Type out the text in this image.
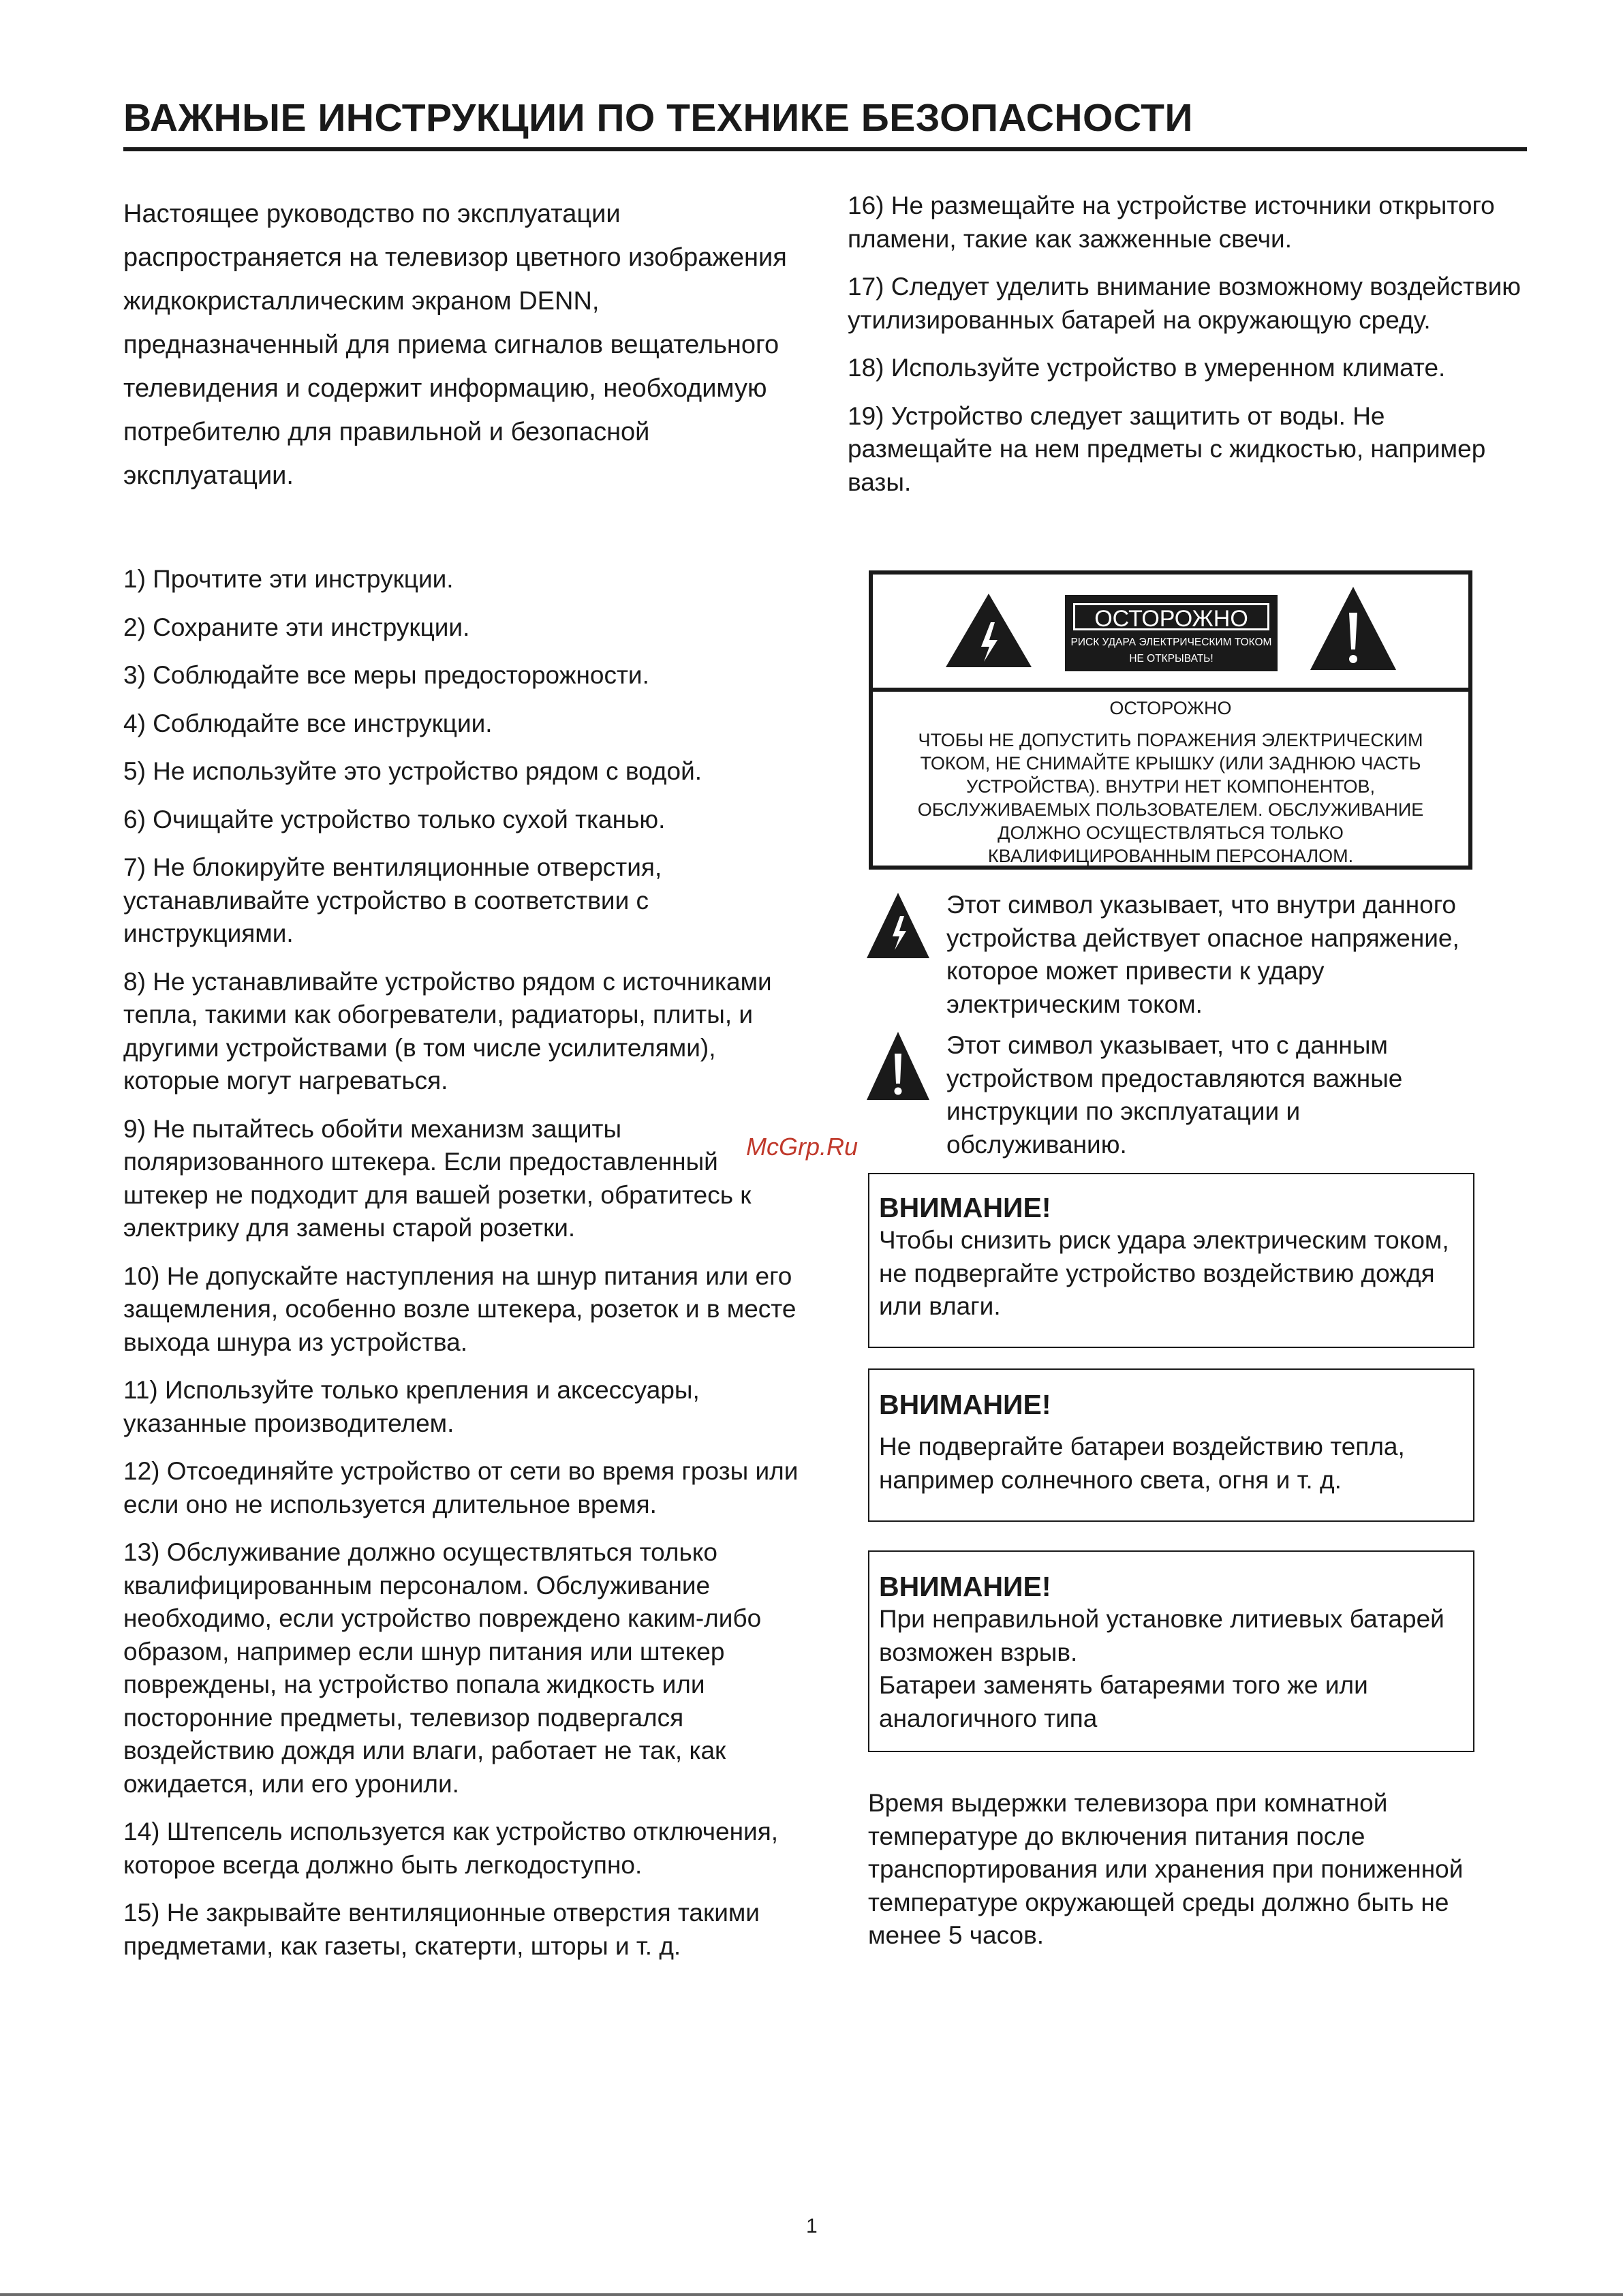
ВАЖНЫЕ ИНСТРУКЦИИ ПО ТЕХНИКЕ БЕЗОПАСНОСТИ

Настоящее руководство по эксплуатации распространяется на телевизор цветного изображения жидкокристаллическим экраном DENN, предназначенный для приема сигналов вещательного телевидения и содержит информацию, необходимую потребителю для правильной и безопасной эксплуатации.

1) Прочтите эти инструкции.

2) Сохраните эти инструкции.

3) Соблюдайте все меры предосторожности.

4) Соблюдайте все инструкции.

5) Не используйте это устройство рядом с водой.

6) Очищайте устройство только сухой тканью.

7) Не блокируйте вентиляционные отверстия, устанавливайте устройство в соответствии с инструкциями.

8) Не устанавливайте устройство рядом с источниками тепла, такими как обогреватели, радиаторы, плиты, и другими устройствами (в том числе усилителями), которые могут нагреваться.

9) Не пытайтесь обойти механизм защиты поляризованного штекера. Если предоставленный штекер не подходит для вашей розетки, обратитесь к электрику для замены старой розетки.

10) Не допускайте наступления на шнур питания или его защемления, особенно возле штекера, розеток и в месте выхода шнура из устройства.

11) Используйте только крепления и аксессуары, указанные производителем.

12) Отсоединяйте устройство от сети во время грозы или если оно не используется длительное время.

13) Обслуживание должно осуществляться только квалифицированным персоналом. Обслуживание необходимо, если устройство повреждено каким-либо образом, например если шнур питания или штекер повреждены, на устройство попала жидкость или посторонние предметы, телевизор подвергался воздействию дождя или влаги, работает не так, как ожидается, или его уронили.

14) Штепсель используется как устройство отключения, которое всегда должно быть легкодоступно.

15) Не закрывайте вентиляционные отверстия такими предметами, как газеты, скатерти, шторы и т. д.

16) Не размещайте на устройстве источники открытого пламени, такие как зажженные свечи.

17) Следует уделить внимание возможному воздействию утилизированных батарей на окружающую среду.

18) Используйте устройство в умеренном климате.

19) Устройство следует защитить от воды. Не размещайте на нем предметы с жидкостью, например вазы.

ОСТОРОЖНО
РИСК УДАРА ЭЛЕКТРИЧЕСКИМ ТОКОМ
НЕ ОТКРЫВАТЬ!
ОСТОРОЖНО
ЧТОБЫ НЕ ДОПУСТИТЬ ПОРАЖЕНИЯ ЭЛЕКТРИЧЕСКИМ ТОКОМ, НЕ СНИМАЙТЕ КРЫШКУ (ИЛИ ЗАДНЮЮ ЧАСТЬ УСТРОЙСТВА). ВНУТРИ НЕТ КОМПОНЕНТОВ, ОБСЛУЖИВАЕМЫХ ПОЛЬЗОВАТЕЛЕМ. ОБСЛУЖИВАНИЕ ДОЛЖНО ОСУЩЕСТВЛЯТЬСЯ ТОЛЬКО КВАЛИФИЦИРОВАННЫМ ПЕРСОНАЛОМ.
Этот символ указывает, что внутри данного устройства действует опасное напряжение, которое может привести к удару электрическим током.
Этот символ указывает, что с данным устройством предоставляются важные инструкции по эксплуатации и обслуживанию.

ВНИМАНИЕ!

Чтобы снизить риск удара электрическим током, не подвергайте устройство воздействию дождя или влаги.

ВНИМАНИЕ!

Не подвергайте батареи воздействию тепла, например солнечного света, огня и т. д.

ВНИМАНИЕ!

При неправильной установке литиевых батарей возможен взрыв.

Батареи заменять батареями того же или аналогичного типа

Время выдержки телевизора при комнатной температуре до включения питания после транспортирования или хранения при пониженной температуре окружающей среды должно быть не менее 5 часов.

McGrp.Ru
1
